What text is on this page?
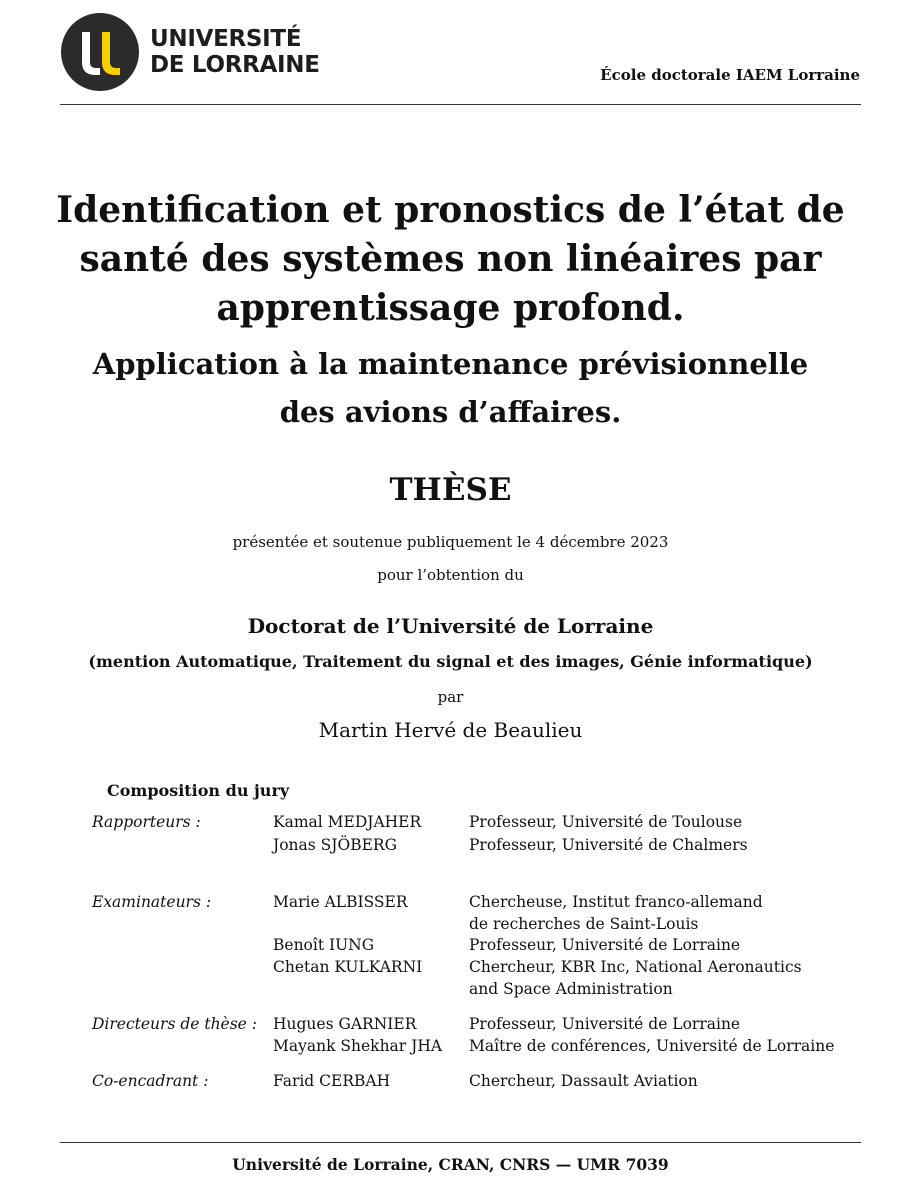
UNIVERSITÉ
DE LORRAINE	École doctorale IAEM Lorraine
Identification et pronostics de l’état de
santé des systèmes non linéaires par
apprentissage profond.
Application à la maintenance prévisionnelle
des avions d’affaires.
THÈSE
présentée et soutenue publiquement le 4 décembre 2023
pour l’obtention du
Doctorat de l’Université de Lorraine
(mention Automatique, Traitement du signal et des images, Génie informatique)
par
Martin Hervé de Beaulieu
Composition du jury
Rapporteurs :	Kamal MEDJAHER	Professeur, Université de Toulouse
Jonas SJÖBERG	Professeur, Université de Chalmers
Examinateurs :	Marie ALBISSER	Chercheuse, Institut franco-allemand
de recherches de Saint-Louis
Benoît IUNG	Professeur, Université de Lorraine
Chetan KULKARNI	Chercheur, KBR Inc, National Aeronautics
and Space Administration
Directeurs de thèse : Hugues GARNIER	Professeur, Université de Lorraine
Mayank Shekhar JHA Maître de conférences, Université de Lorraine
Co-encadrant :	Farid CERBAH	Chercheur, Dassault Aviation
Université de Lorraine, CRAN, CNRS — UMR 7039
